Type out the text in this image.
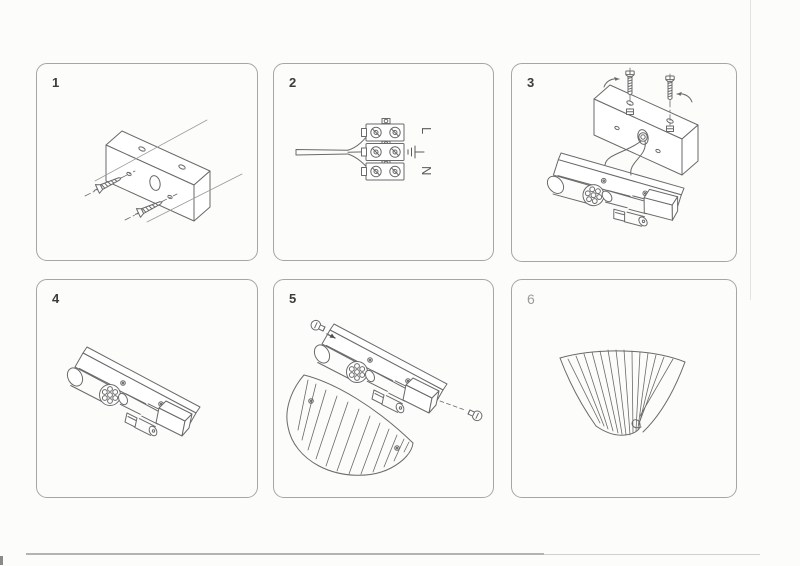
1	2
L
N
3
4	5	6
